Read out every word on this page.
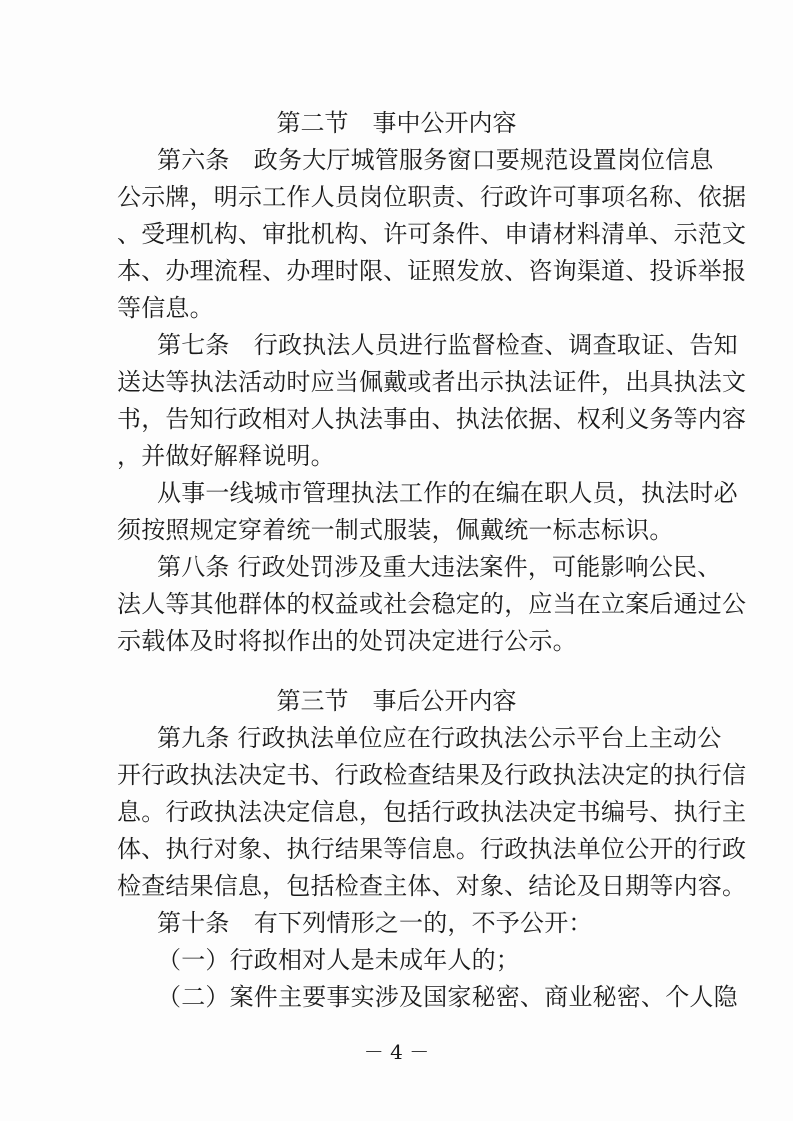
第二节 事中公开内容
第六条　政务大厅城管服务窗口要规范设置岗位信息
公示牌，明示工作人员岗位职责、行政许可事项名称、依据
、受理机构、审批机构、许可条件、申请材料清单、示范文
本、办理流程、办理时限、证照发放、咨询渠道、投诉举报
等信息。
第七条　行政执法人员进行监督检查、调查取证、告知
送达等执法活动时应当佩戴或者出示执法证件，出具执法文
书，告知行政相对人执法事由、执法依据、权利义务等内容
，并做好解释说明。
从事一线城市管理执法工作的在编在职人员，执法时必
须按照规定穿着统一制式服装，佩戴统一标志标识。
第八条 行政处罚涉及重大违法案件，可能影响公民、
法人等其他群体的权益或社会稳定的，应当在立案后通过公
示载体及时将拟作出的处罚决定进行公示。
第三节 事后公开内容
第九条 行政执法单位应在行政执法公示平台上主动公
开行政执法决定书、行政检查结果及行政执法决定的执行信
息。行政执法决定信息，包括行政执法决定书编号、执行主
体、执行对象、执行结果等信息。行政执法单位公开的行政
检查结果信息，包括检查主体、对象、结论及日期等内容。
第十条　有下列情形之一的，不予公开：
（一）行政相对人是未成年人的；
（二）案件主要事实涉及国家秘密、商业秘密、个人隐
－ 4 －
